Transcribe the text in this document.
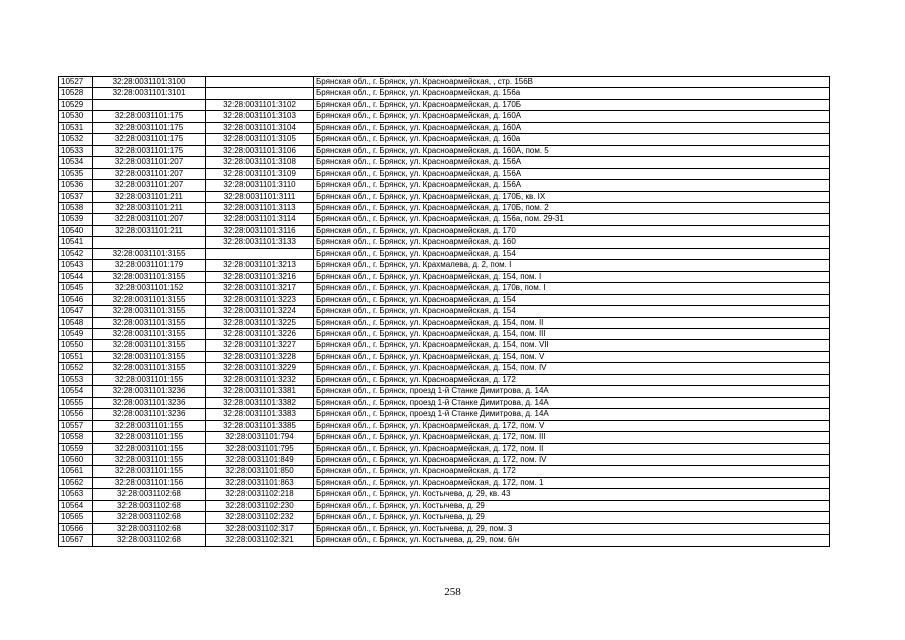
10527	32:28:0031101:3100		Брянская обл., г. Брянск, ул. Красноармейская, , стр. 156В
10528	32:28:0031101:3101		Брянская обл., г. Брянск, ул. Красноармейская, д. 156а
10529		32:28:0031101:3102	Брянская обл., г. Брянск, ул. Красноармейская, д. 170Б
10530	32:28:0031101:175	32:28:0031101:3103	Брянская обл., г. Брянск, ул. Красноармейская, д. 160А
10531	32:28:0031101:175	32:28:0031101:3104	Брянская обл., г. Брянск, ул. Красноармейская, д. 160А
10532	32:28:0031101:175	32:28:0031101:3105	Брянская обл., г. Брянск, ул. Красноармейская, д. 160а
10533	32:28:0031101:175	32:28:0031101:3106	Брянская обл., г. Брянск, ул. Красноармейская, д. 160А, пом. 5
10534	32:28:0031101:207	32:28:0031101:3108	Брянская обл., г. Брянск, ул. Красноармейская, д. 156А
10535	32:28:0031101:207	32:28:0031101:3109	Брянская обл., г. Брянск, ул. Красноармейская, д. 156А
10536	32:28:0031101:207	32:28:0031101:3110	Брянская обл., г. Брянск, ул. Красноармейская, д. 156А
10537	32:28:0031101:211	32:28:0031101:3111	Брянская обл., г. Брянск, ул. Красноармейская, д. 170Б, кв. IX
10538	32:28:0031101:211	32:28:0031101:3113	Брянская обл., г. Брянск, ул. Красноармейская, д. 170Б, пом. 2
10539	32:28:0031101:207	32:28:0031101:3114	Брянская обл., г. Брянск, ул. Красноармейская, д. 156а, пом. 29-31
10540	32:28:0031101:211	32:28:0031101:3116	Брянская обл., г. Брянск, ул. Красноармейская, д. 170
10541		32:28:0031101:3133	Брянская обл., г. Брянск, ул. Красноармейская, д. 160
10542	32:28:0031101:3155		Брянская обл., г. Брянск, ул. Красноармейская, д. 154
10543	32:28:0031101:179	32:28:0031101:3213	Брянская обл., г. Брянск, ул. Крахмалева, д. 2, пом. I
10544	32:28:0031101:3155	32:28:0031101:3216	Брянская обл., г. Брянск, ул. Красноармейская, д. 154, пом. I
10545	32:28:0031101:152	32:28:0031101:3217	Брянская обл., г. Брянск, ул. Красноармейская, д. 170в, пом. I
10546	32:28:0031101:3155	32:28:0031101:3223	Брянская обл., г. Брянск, ул. Красноармейская, д. 154
10547	32:28:0031101:3155	32:28:0031101:3224	Брянская обл., г. Брянск, ул. Красноармейская, д. 154
10548	32:28:0031101:3155	32:28:0031101:3225	Брянская обл., г. Брянск, ул. Красноармейская, д. 154, пом. II
10549	32:28:0031101:3155	32:28:0031101:3226	Брянская обл., г. Брянск, ул. Красноармейская, д. 154, пом. III
10550	32:28:0031101:3155	32:28:0031101:3227	Брянская обл., г. Брянск, ул. Красноармейская, д. 154, пом. VII
10551	32:28:0031101:3155	32:28:0031101:3228	Брянская обл., г. Брянск, ул. Красноармейская, д. 154, пом. V
10552	32:28:0031101:3155	32:28:0031101:3229	Брянская обл., г. Брянск, ул. Красноармейская, д. 154, пом. IV
10553	32:28:0031101:155	32:28:0031101:3232	Брянская обл., г. Брянск, ул. Красноармейская, д. 172
10554	32:28:0031101:3236	32:28:0031101:3381	Брянская обл., г. Брянск, проезд 1-й Станке Димитрова, д. 14А
10555	32:28:0031101:3236	32:28:0031101:3382	Брянская обл., г. Брянск, проезд 1-й Станке Димитрова, д. 14А
10556	32:28:0031101:3236	32:28:0031101:3383	Брянская обл., г. Брянск, проезд 1-й Станке Димитрова, д. 14А
10557	32:28:0031101:155	32:28:0031101:3385	Брянская обл., г. Брянск, ул. Красноармейская, д. 172, пом. V
10558	32:28:0031101:155	32:28:0031101:794	Брянская обл., г. Брянск, ул. Красноармейская, д. 172, пом. III
10559	32:28:0031101:155	32:28:0031101:795	Брянская обл., г. Брянск, ул. Красноармейская, д. 172, пом. II
10560	32:28:0031101:155	32:28:0031101:849	Брянская обл., г. Брянск, ул. Красноармейская, д. 172, пом. IV
10561	32:28:0031101:155	32:28:0031101:850	Брянская обл., г. Брянск, ул. Красноармейская, д. 172
10562	32:28:0031101:156	32:28:0031101:863	Брянская обл., г. Брянск, ул. Красноармейская, д. 172, пом. 1
10563	32:28:0031102:68	32:28:0031102:218	Брянская обл., г. Брянск, ул. Костычева, д. 29, кв. 43
10564	32:28:0031102:68	32:28:0031102:230	Брянская обл., г. Брянск, ул. Костычева, д. 29
10565	32:28:0031102:68	32:28:0031102:232	Брянская обл., г. Брянск, ул. Костычева, д. 29
10566	32:28:0031102:68	32:28:0031102:317	Брянская обл., г. Брянск, ул. Костычева, д. 29, пом. 3
10567	32:28:0031102:68	32:28:0031102:321	Брянская обл., г. Брянск, ул. Костычева, д. 29, пом. 6/н
258
